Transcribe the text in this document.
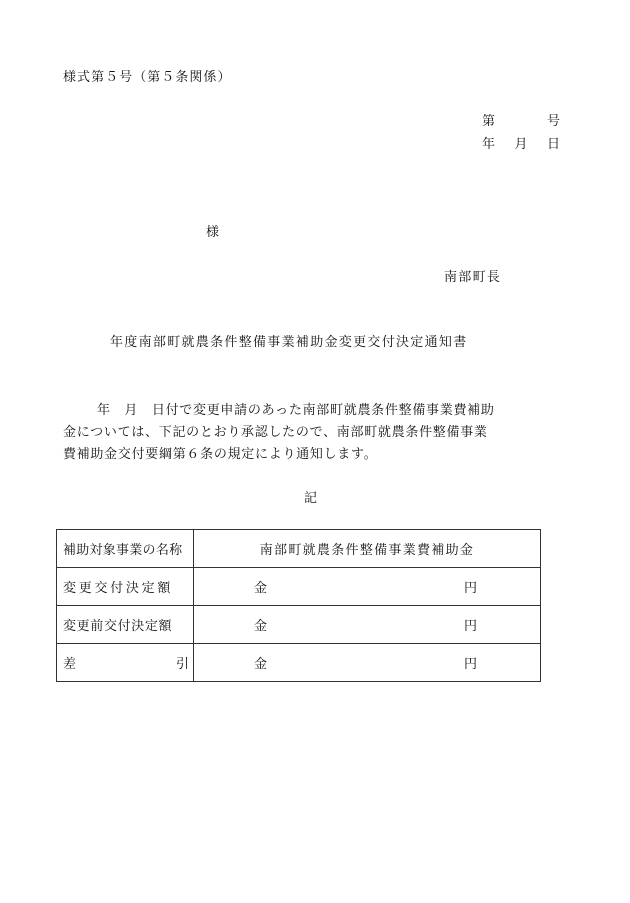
様式第５号（第５条関係）
第	号
年 月 日
様
南部町長
年度南部町就農条件整備事業補助金変更交付決定通知書

年　月　日付で変更申請のあった南部町就農条件整備事業費補助

金については、下記のとおり承認したので、南部町就農条件整備事業

費補助金交付要綱第６条の規定により通知します。

記
補助対象事業の名称	南部町就農条件整備事業費補助金
変更交付決定額	金 円

変更前交付決定額	金 円

差 引	金 円
